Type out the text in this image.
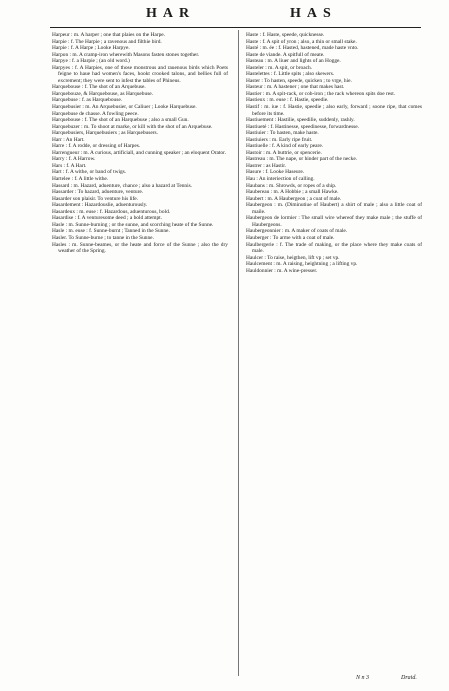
HAR	HAS

Harpeur : m. A harper ; one that plaies on the Harpe.

Harpie : f. The Harpie ; a ravenous and filthie bird.

Harpie : f. A Harpe ; Looke Harpye.

Harpon : m. A cramp-iron wherewith Masons fasten stones together.

Harpye : f. a Harpie ; (an old word.)

Harpyes : f. A Harpies, one of those monstrous and rauenous birds which Poets feigne to haue had women's faces, hookt crooked talons, and bellies full of excrement; they were sent to infest the tables of Phineus.

Harquebouse : f. The shot of an Arquebuse.

Harquebouze, & Harquebouse, as Harquebuse.

Harquebuse : f. as Harquebouse.

Harquebusier : m. An Arquebusier, or Caliuer ; Looke Harquebuse.

Harquebuse de chasse. A fowling peece.

Harquebouse : f. The shot of an Harquebuse ; also a small Gun.

Harquebuzer : m. To shoot at marke, or kill with the shot of an Arquebuse.

Harquebusiers, Harquebusiers ; as Harquebusers.

Harr : An Hart.

Harre : f. A rodde, or dressing of Harpes.

Harrengueur : m. A curious, artificiall, and cunning speaker ; an eloquent Orator.

Harry : f. A Harrow.

Hars : f. A Hart.

Hart : f. A withe, or band of twigs.

Hartelee : f. A little withe.

Hassard : m. Hazard, aduenture, chance ; also a hazard at Tennis.

Hassarder : To hazard, aduenture, venture.

Hasarder son plaisir. To venture his life.

Hasardement : Hazardouslie, aduenturously.

Hasardeux : m. euse : f. Hazardous, aduenturous, bold.

Hasardise : f. A venturesome deed ; a bold attempt.

Hasle : m. Sunne-burning ; or the sunne, and scorching heate of the Sunne.

Hasle : m. euse : f. Sunne-burnt ; Tanned in the Sunne.

Hasler. To Sunne-burne ; to tanne in the Sunne.

Hasles : m. Sunne-beames, or the heate and force of the Sunne ; also the dry weather of the Spring.

Haste : f. Haste, speede, quicknesse.

Haste : f. A spit of yron ; also, a thin or small stake.

Hasté : m. ée : f. Hasted, hastened, made haste vnto.

Haste de viande. A spitfull of meate.

Hasteau : m. A liuer and lights of an Hogge.

Hasteler : m. A spit, or broach.

Hastelettes : f. Little spits ; also skewers.

Haster : To hasten, speede, quicken ; to vrge, hie.

Hasteur : m. A hastener ; one that makes hast.

Hastier : m. A spit-rack, or cob-iron ; the rack whereon spits doe rest.

Hastieux : m. euse : f. Hastie, speedie.

Hastif : m. iue : f. Hastie, speedie ; also early, forward ; soone ripe, that comes before its time.

Hastiuement : Hastilie, speedilie, suddenly, rashly.

Hastiueté : f. Hastinesse, speedinesse, forwardnesse.

Hastiuier : To hasten, make haste.

Hastiuiers : m. Early ripe fruit.

Hastiuelle : f. A kind of early peare.

Hastoir : m. A buttrie, or spencerie.

Hastreau : m. The nape, or hinder part of the necke.

Hastrer : as Hastir.

Hasure : f. Looke Haseure.

Hau : An interiection of calling.

Haubans : m. Shrowds, or ropes of a ship.

Haubereau : m. A Hobbie ; a small Hawke.

Haubert : m. A Haubergeon ; a coat of male.

Haubergeon : m. (Diminutiue of Haubert) a shirt of male ; also a little coat of maile.

Haubergeon de lormier : The small wire whereof they make male ; the stuffe of Haubergeons.

Haubergeonnier : m. A maker of coats of male.

Hauberger : To arme with a coat of male.

Haulbergerie : f. The trade of making, or the place where they make coats of male.

Haulcer : To raise, heigthen, lift vp ; set vp.

Haulcement : m. A raising, heightning ; a lifting vp.

Hauldonnier : m. A wine-presser.

N n 3	Draid.
